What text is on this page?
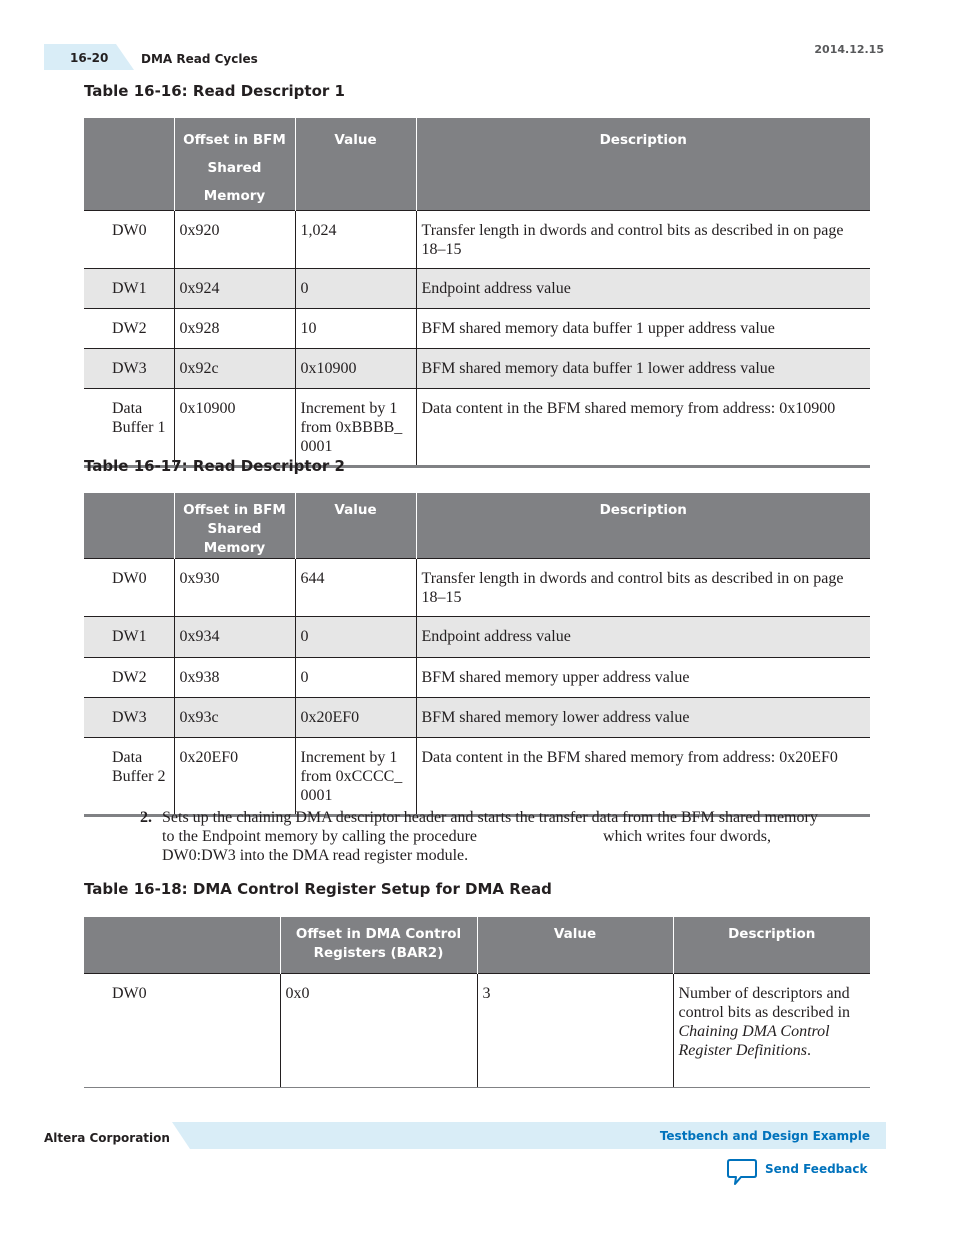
16-20	DMA Read Cycles
2014.12.15
Table 16-16: Read Descriptor 1
	Offset in BFM Shared Memory	Value	Description
DW0	0x920	1,024	Transfer length in dwords and control bits as described in on page 18–15
DW1	0x924	0	Endpoint address value
DW2	0x928	10	BFM shared memory data buffer 1 upper address value
DW3	0x92c	0x10900	BFM shared memory data buffer 1 lower address value
Data Buffer 1	0x10900	Increment by 1 from 0xBBBB_ 0001	Data content in the BFM shared memory from address: 0x10900
Table 16-17: Read Descriptor 2
	Offset in BFM Shared Memory	Value	Description
DW0	0x930	644	Transfer length in dwords and control bits as described in on page 18–15
DW1	0x934	0	Endpoint address value
DW2	0x938	0	BFM shared memory upper address value
DW3	0x93c	0x20EF0	BFM shared memory lower address value
Data Buffer 2	0x20EF0	Increment by 1 from 0xCCCC_ 0001	Data content in the BFM shared memory from address: 0x20EF0
2. Sets up the chaining DMA descriptor header and starts the transfer data from the BFM shared memory
to the Endpoint memory by calling the procedure	which writes four dwords,
DW0:DW3 into the DMA read register module.
Table 16-18: DMA Control Register Setup for DMA Read
	Offset in DMA Control Registers (BAR2)	Value	Description
DW0	0x0	3	Number of descriptors and control bits as described in Chaining DMA Control Register Definitions.
Altera Corporation	Testbench and Design Example
Send Feedback
